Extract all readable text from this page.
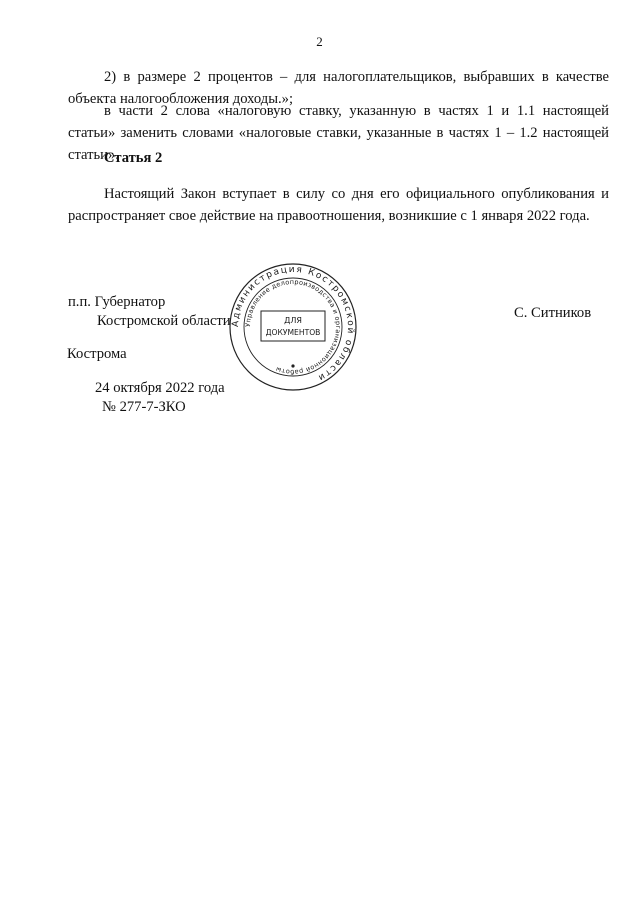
2

2) в размере 2 процентов – для налогоплательщиков, выбравших в качестве объекта налогообложения доходы.»;

в части 2 слова «налоговую ставку, указанную в частях 1 и 1.1 настоящей статьи» заменить словами «налоговые ставки, указанные в частях 1 – 1.2 настоящей статьи».

Статья 2

Настоящий Закон вступает в силу со дня его официального опубликования и распространяет свое действие на правоотношения, возникшие с 1 января 2022 года.

п.п. Губернатор
Костромской области	С. Ситников
Кострома
24 октября 2022 года
№ 277-7-ЗКО
Администрация Костромской области
Управление делопроизводства и организационной работы
ДЛЯ
ДОКУМЕНТОВ
